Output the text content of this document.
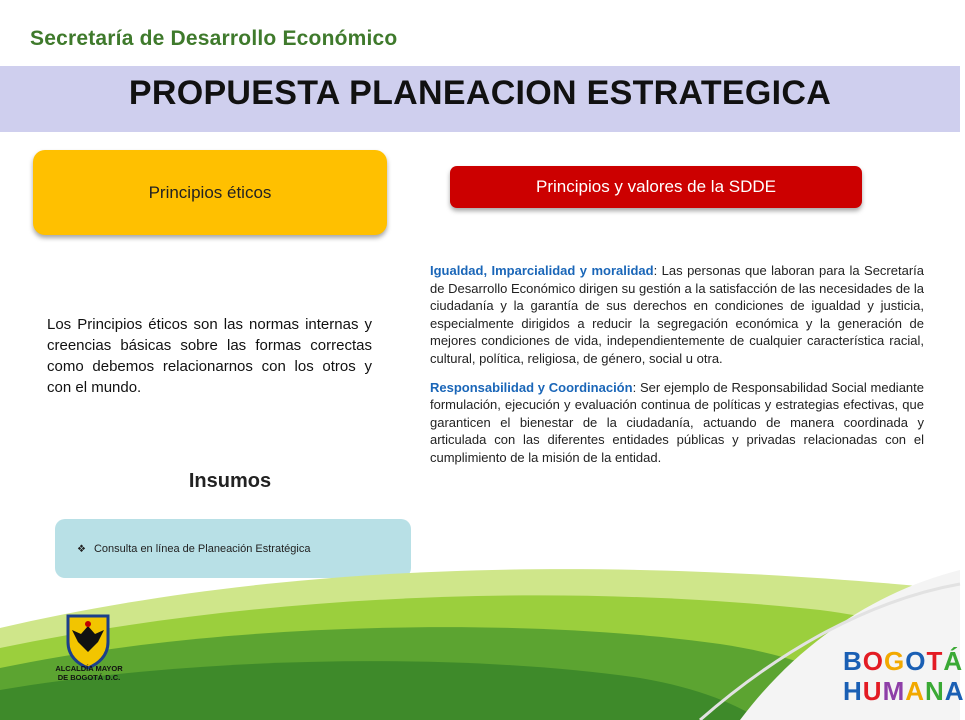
Secretaría de Desarrollo Económico
PROPUESTA PLANEACION ESTRATEGICA
Principios éticos	Principios y valores de la SDDE
Los Principios éticos son las normas internas y creencias básicas sobre las formas correctas como debemos relacionarnos con los otros y con el mundo.
Insumos
❖ Consulta en línea de Planeación Estratégica

Igualdad, Imparcialidad y moralidad: Las personas que laboran para la Secretaría de Desarrollo Económico dirigen su gestión a la satisfacción de las necesidades de la ciudadanía y la garantía de sus derechos en condiciones de igualdad y justicia, especialmente dirigidos a reducir la segregación económica y la generación de mejores condiciones de vida, independientemente de cualquier característica racial, cultural, política, religiosa, de género, social u otra.

Responsabilidad y Coordinación: Ser ejemplo de Responsabilidad Social mediante formulación, ejecución y evaluación continua de políticas y estrategias efectivas, que garanticen el bienestar de la ciudadanía, actuando de manera coordinada y articulada con las diferentes entidades públicas y privadas relacionadas con el cumplimiento de la misión de la entidad.

ALCALDÍA MAYOR
DE BOGOTÁ D.C.
BOGOTÁ
HUMANA
